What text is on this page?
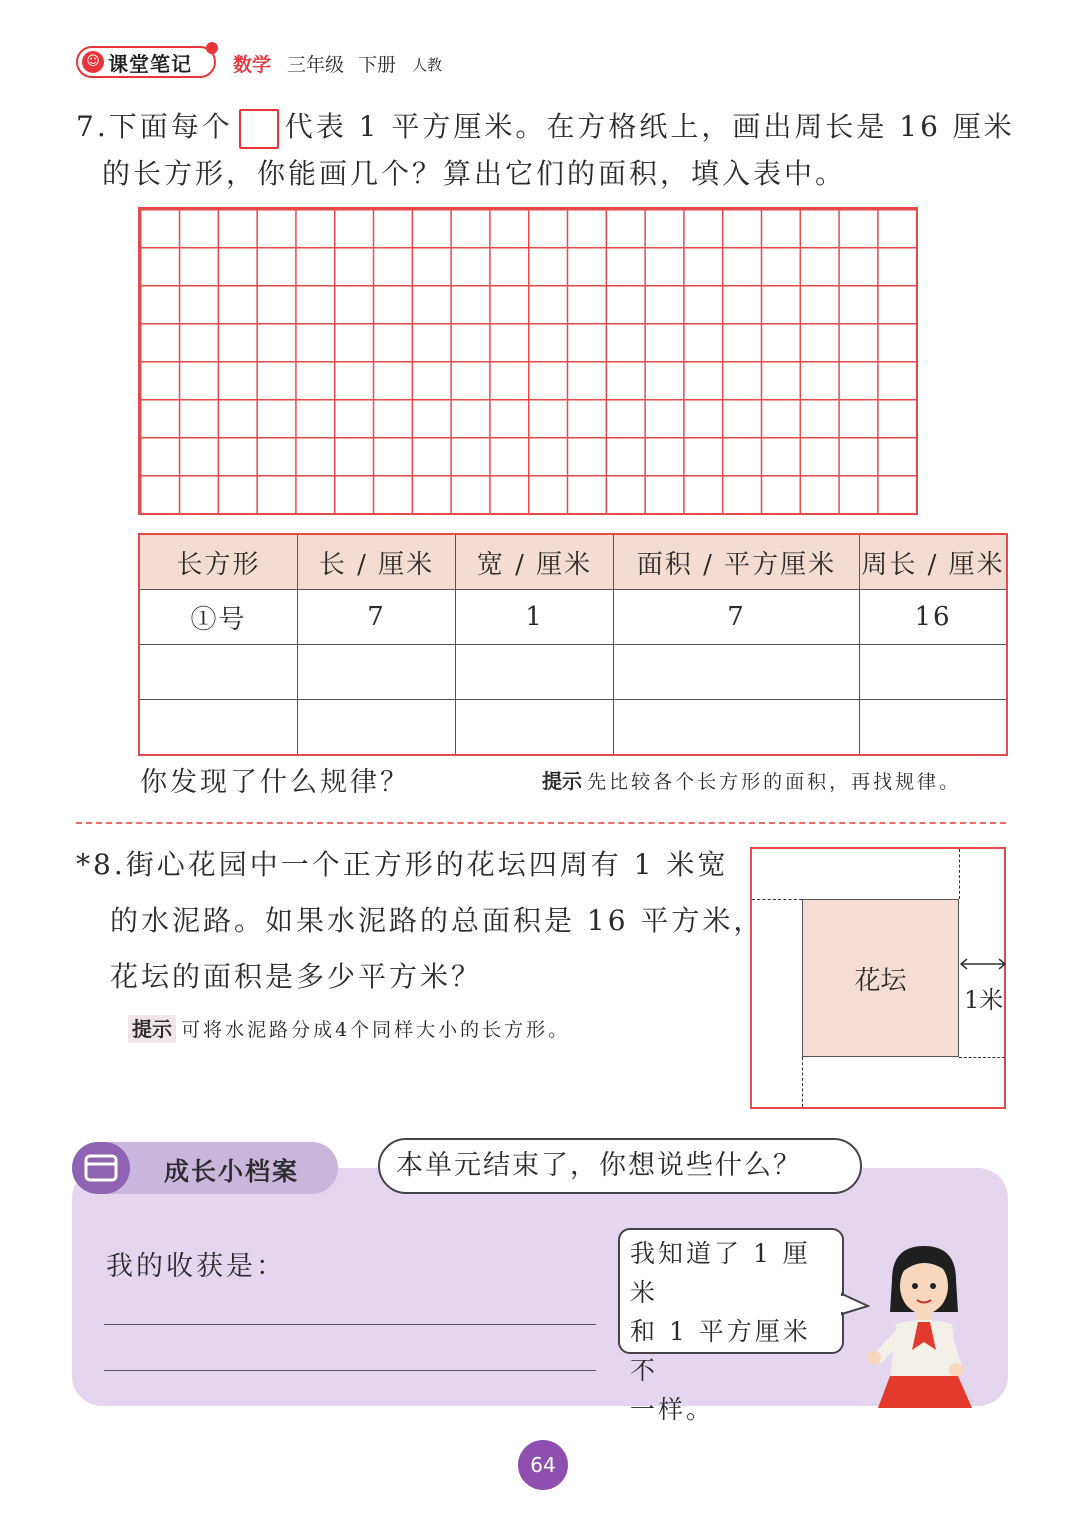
☺ 课堂笔记 数学 三年级 下册 人教
7.下面每个 代表 1 平方厘米。在方格纸上，画出周长是 16 厘米
的长方形，你能画几个？算出它们的面积，填入表中。
长方形	长 / 厘米	宽 / 厘米	面积 / 平方厘米	周长 / 厘米
①号	7	1	7	16

你发现了什么规律？	提示 先比较各个长方形的面积，再找规律。
*8.街心花园中一个正方形的花坛四周有 1 米宽
的水泥路。如果水泥路的总面积是 16 平方米，
花坛的面积是多少平方米？
提示 可将水泥路分成4个同样大小的长方形。
花坛
1米
成长小档案	本单元结束了，你想说些什么？
我的收获是：	我知道了 1 厘米
和 1 平方厘米不
一样。
64
